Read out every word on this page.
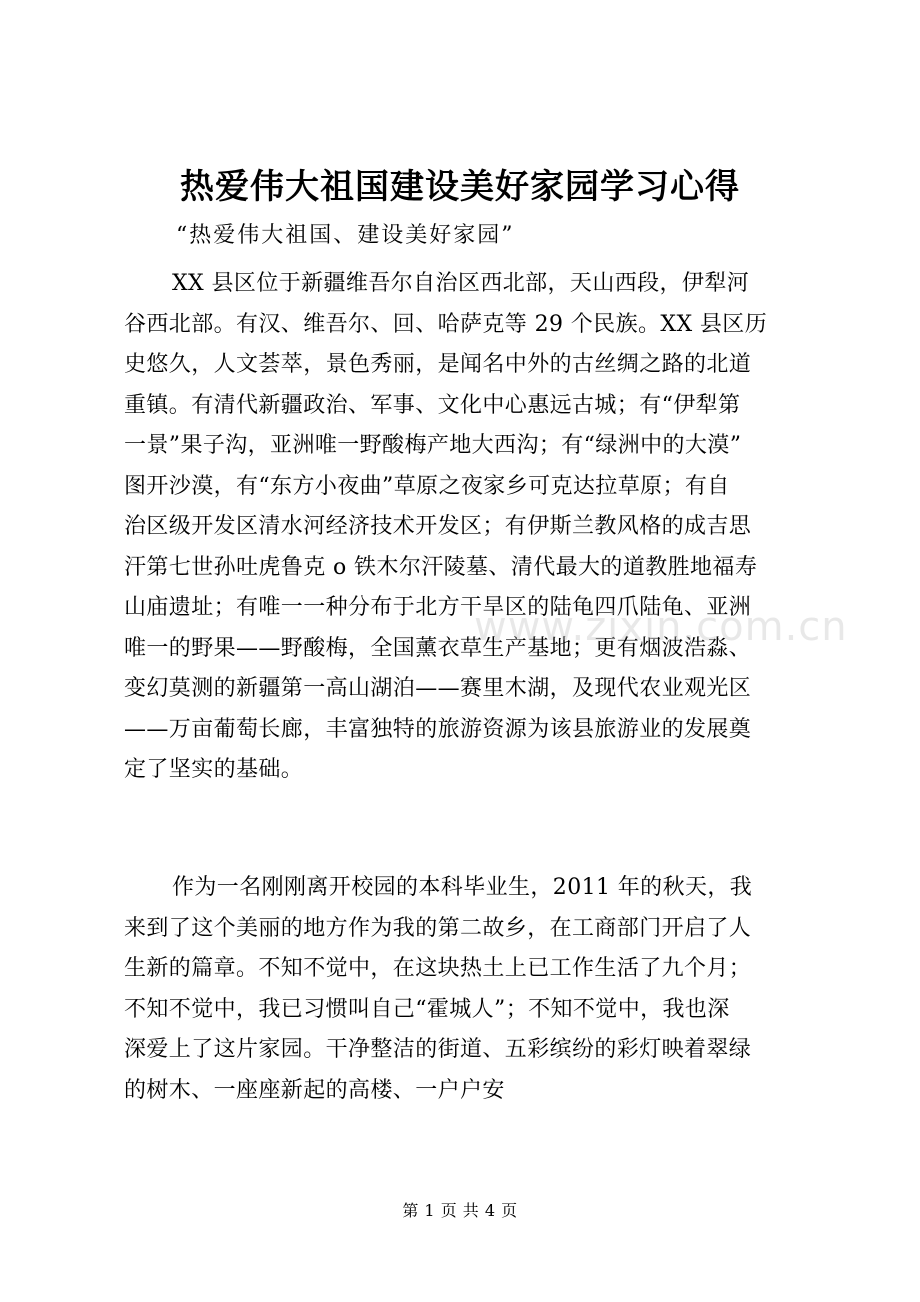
热爱伟大祖国建设美好家园学习心得
“热爱伟大祖国、建设美好家园”
XX 县区位于新疆维吾尔自治区西北部，天山西段，伊犁河
谷西北部。有汉、维吾尔、回、哈萨克等 29 个民族。XX 县区历
史悠久，人文荟萃，景色秀丽，是闻名中外的古丝绸之路的北道
重镇。有清代新疆政治、军事、文化中心惠远古城；有“伊犁第
一景”果子沟，亚洲唯一野酸梅产地大西沟；有“绿洲中的大漠”
图开沙漠，有“东方小夜曲”草原之夜家乡可克达拉草原；有自
治区级开发区清水河经济技术开发区；有伊斯兰教风格的成吉思
汗第七世孙吐虎鲁克 o 铁木尔汗陵墓、清代最大的道教胜地福寿
山庙遗址；有唯一一种分布于北方干旱区的陆龟四爪陆龟、亚洲
唯一的野果——野酸梅，全国薰衣草生产基地；更有烟波浩淼、
变幻莫测的新疆第一高山湖泊——赛里木湖，及现代农业观光区
——万亩葡萄长廊，丰富独特的旅游资源为该县旅游业的发展奠
定了坚实的基础。
作为一名刚刚离开校园的本科毕业生，2011 年的秋天，我
来到了这个美丽的地方作为我的第二故乡，在工商部门开启了人
生新的篇章。不知不觉中，在这块热土上已工作生活了九个月；
不知不觉中，我已习惯叫自己“霍城人”；不知不觉中，我也深
深爱上了这片家园。干净整洁的街道、五彩缤纷的彩灯映着翠绿
的树木、一座座新起的高楼、一户户安
www.zixin.com.cn
第 1 页 共 4 页
